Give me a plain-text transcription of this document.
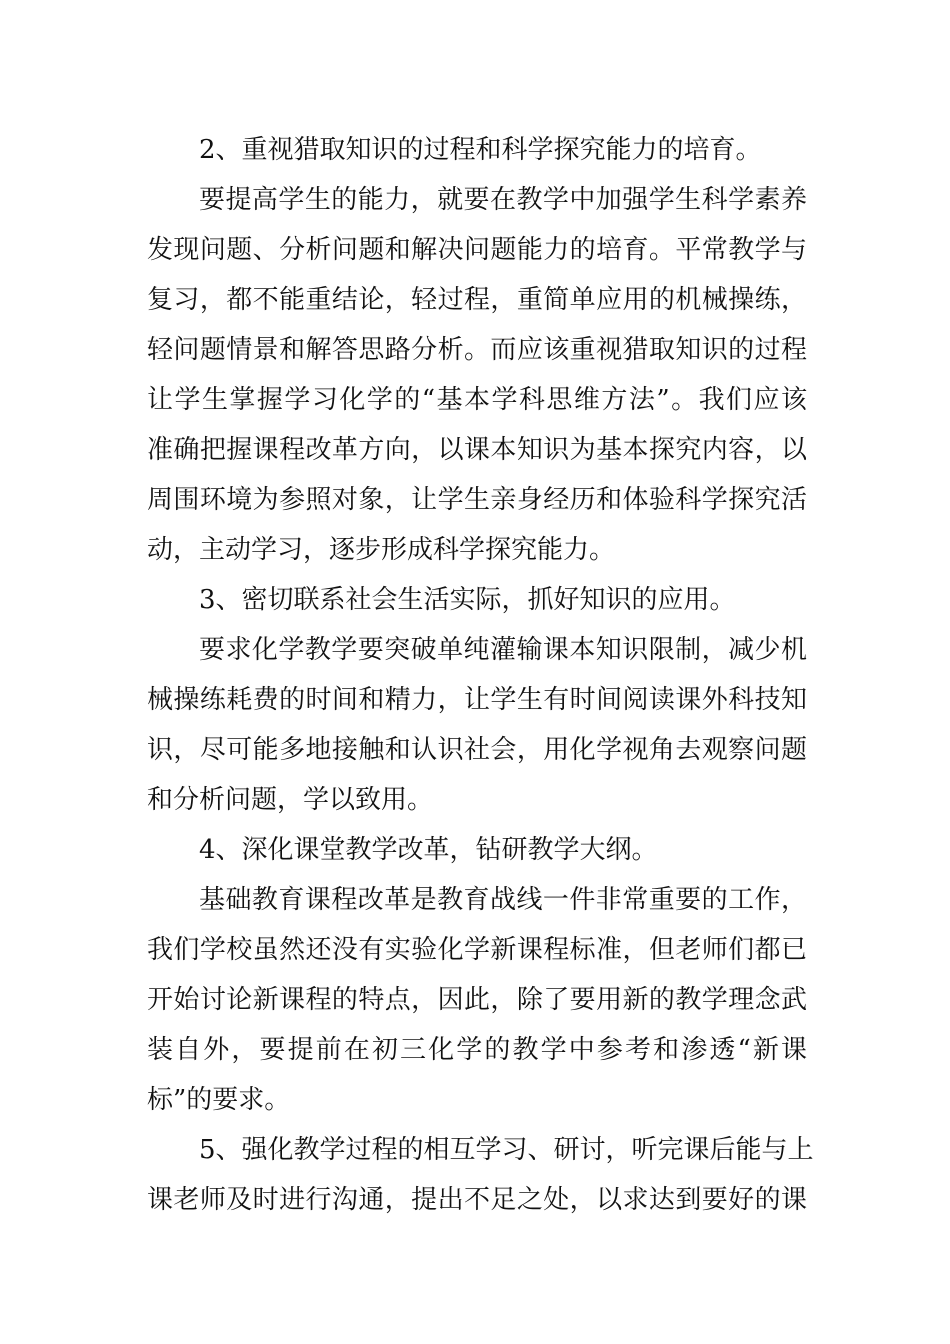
2、重视猎取知识的过程和科学探究能力的培育。
要提高学生的能力，就要在教学中加强学生科学素养
发现问题、分析问题和解决问题能力的培育。平常教学与
复习，都不能重结论，轻过程，重简单应用的机械操练，
轻问题情景和解答思路分析。而应该重视猎取知识的过程
让学生掌握学习化学的“基本学科思维方法”。我们应该
准确把握课程改革方向，以课本知识为基本探究内容，以
周围环境为参照对象，让学生亲身经历和体验科学探究活
动，主动学习，逐步形成科学探究能力。
3、密切联系社会生活实际，抓好知识的应用。
要求化学教学要突破单纯灌输课本知识限制，减少机
械操练耗费的时间和精力，让学生有时间阅读课外科技知
识，尽可能多地接触和认识社会，用化学视角去观察问题
和分析问题，学以致用。
4、深化课堂教学改革，钻研教学大纲。
基础教育课程改革是教育战线一件非常重要的工作，
我们学校虽然还没有实验化学新课程标准，但老师们都已
开始讨论新课程的特点，因此，除了要用新的教学理念武
装自外，要提前在初三化学的教学中参考和渗透“新课
标”的要求。
5、强化教学过程的相互学习、研讨，听完课后能与上
课老师及时进行沟通，提出不足之处，以求达到要好的课
